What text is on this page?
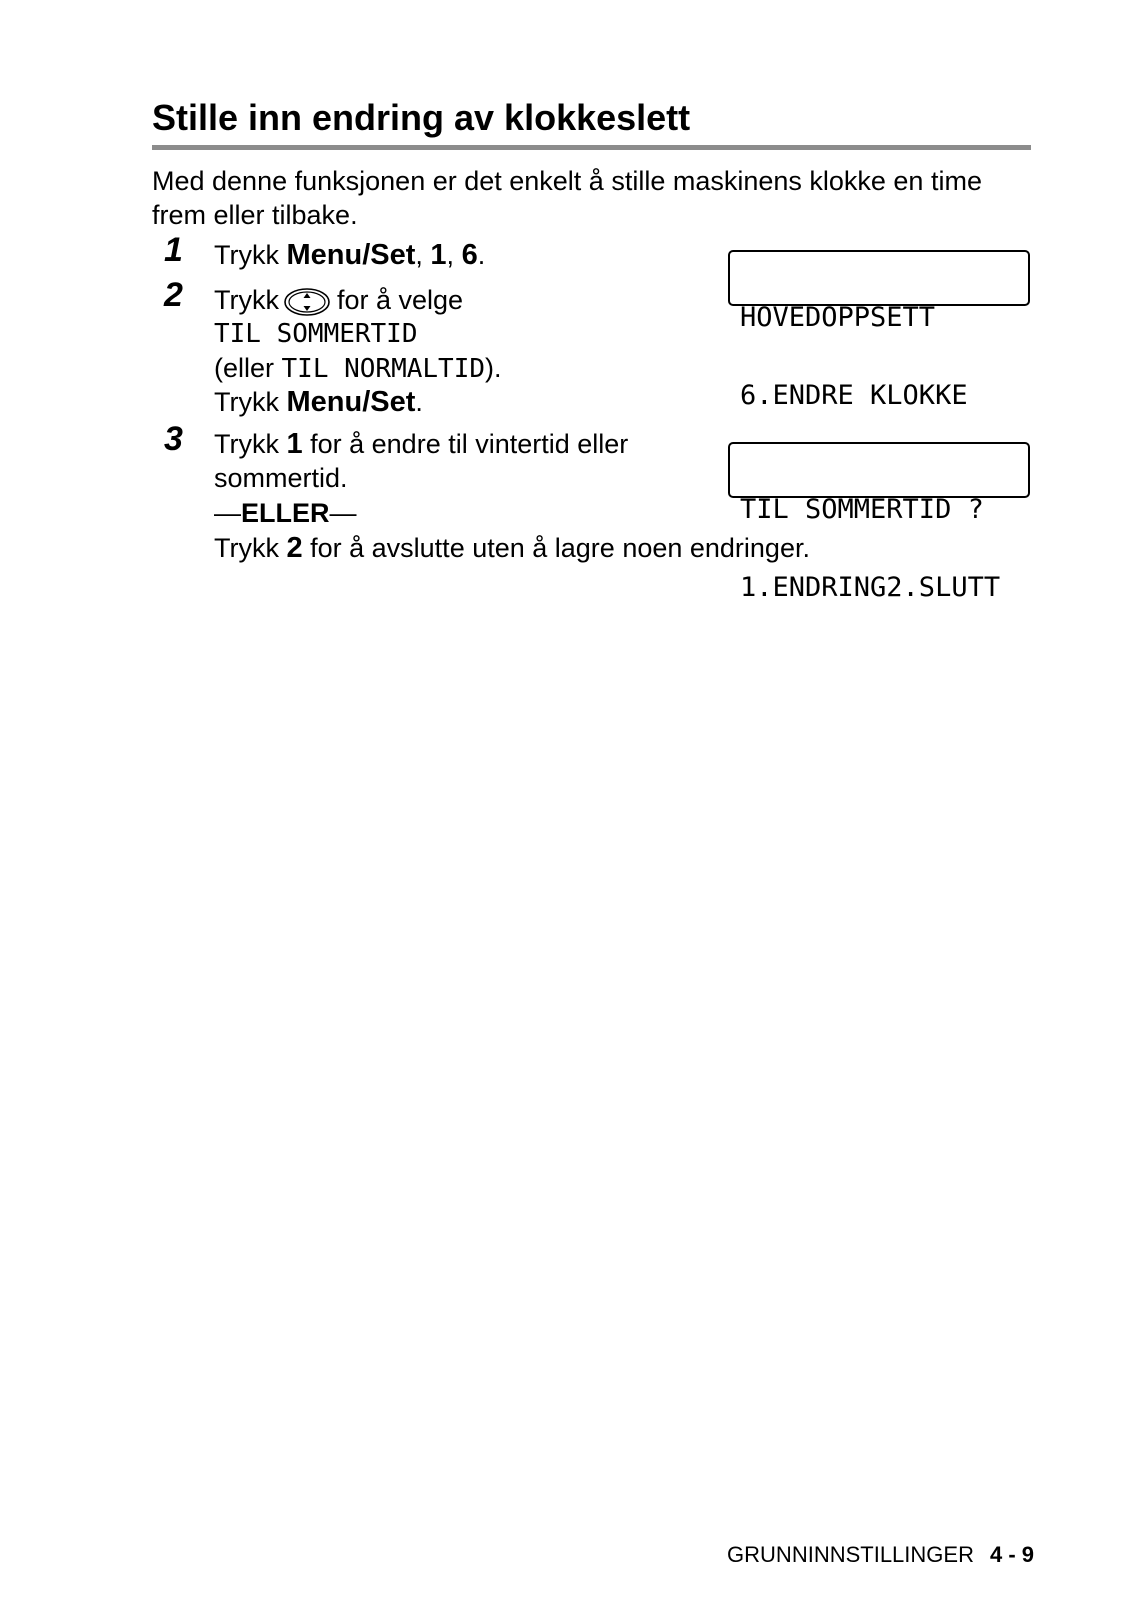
Stille inn endring av klokkeslett

Med denne funksjonen er det enkelt å stille maskinens klokke en time frem eller tilbake.

1 Trykk Menu/Set, 1, 6.
2 Trykk for å velge
TIL SOMMERTID
(eller TIL NORMALTID).
Trykk Menu/Set.
3 Trykk 1 for å endre til vintertid eller
sommertid.
—ELLER—
Trykk 2 for å avslutte uten å lagre noen endringer.

HOVEDOPPSETT

6.ENDRE KLOKKE

TIL SOMMERTID ?

1.ENDRING2.SLUTT

GRUNNINNSTILLINGER 4 - 9
